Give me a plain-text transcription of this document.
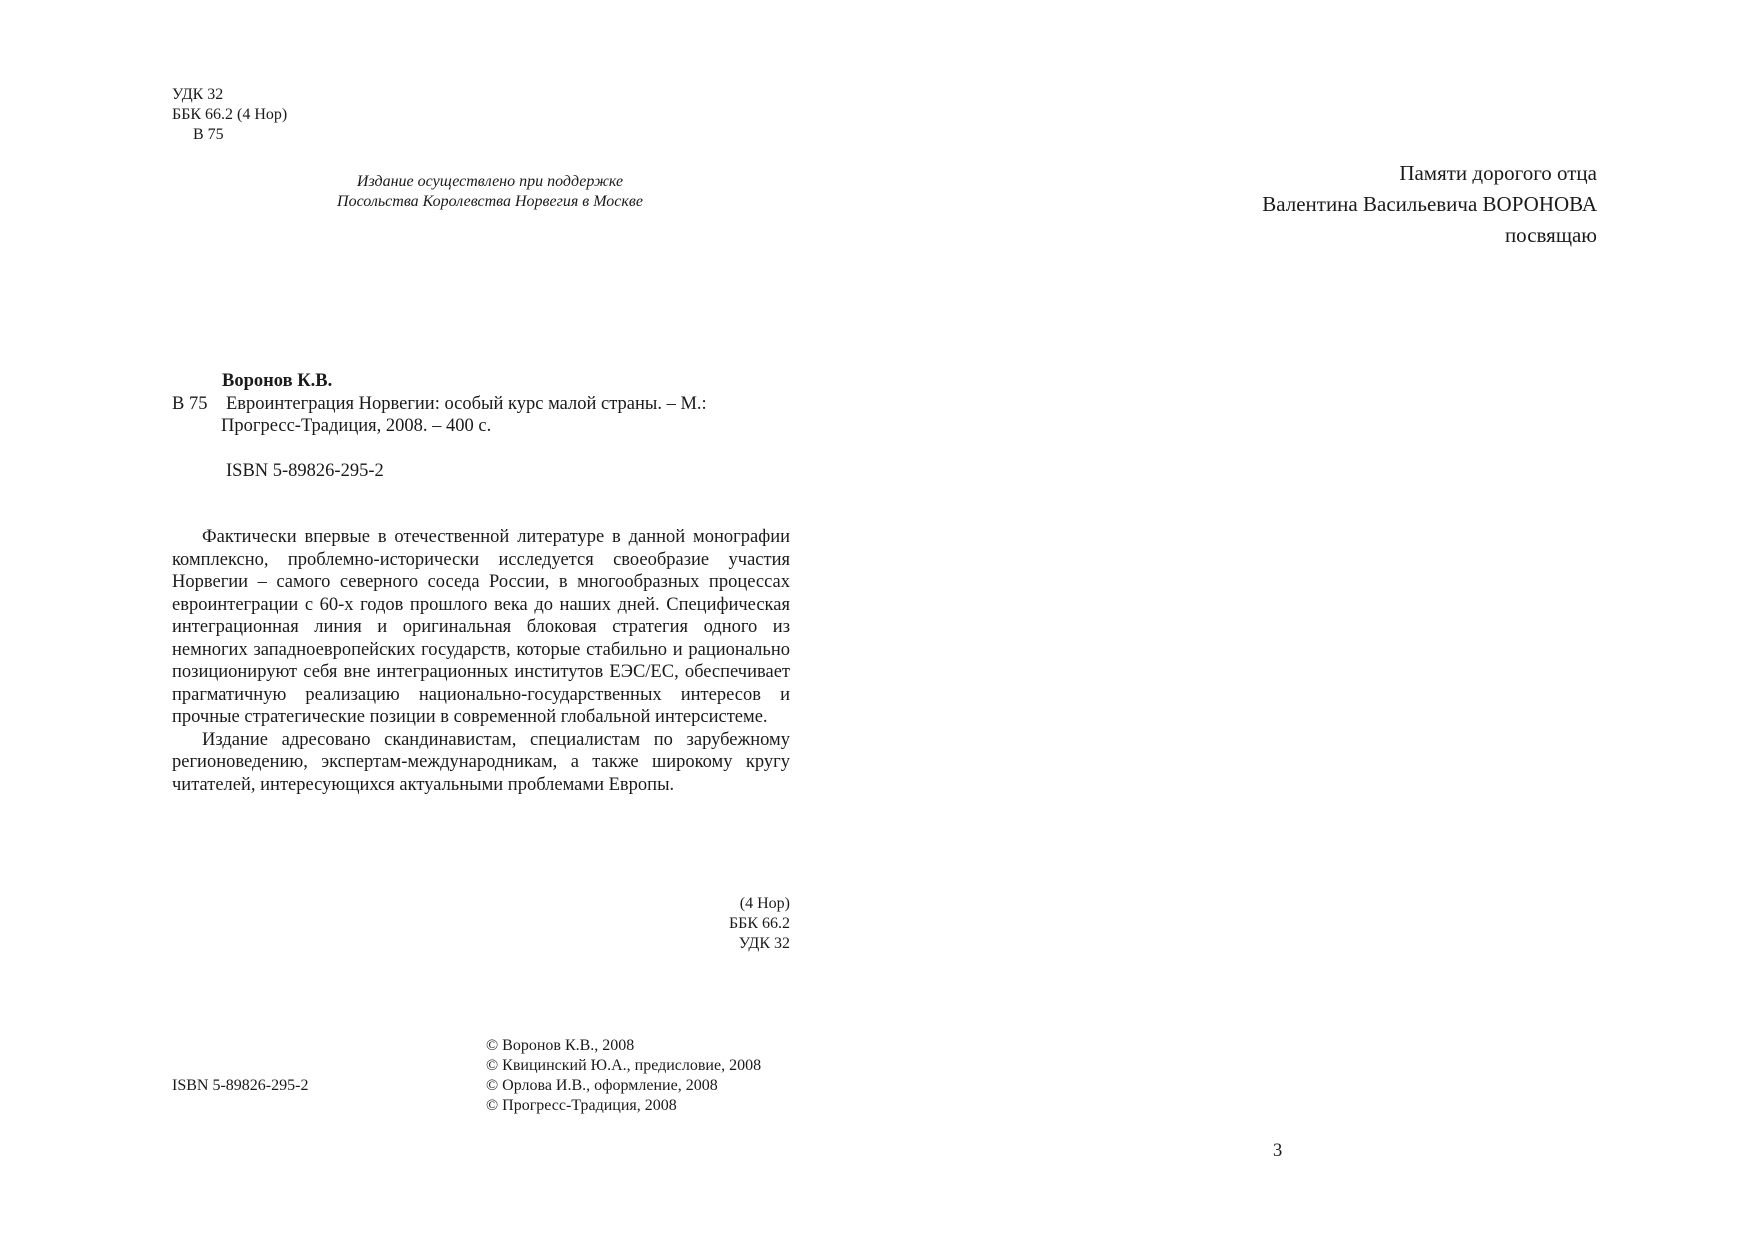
УДК 32
ББК 66.2 (4 Нор)
В 75
Издание осуществлено при поддержке
Посольства Королевства Норвегия в Москве
Воронов К.В.
В 75 Евроинтеграция Норвегии: особый курс малой страны. – М.:
Прогресс-Традиция, 2008. – 400 с.
ISBN 5-89826-295-2

Фактически впервые в отечественной литературе в данной монографии комплексно, проблемно-исторически исследуется своеобразие участия Норвегии – самого северного соседа России, в многообразных процессах евроинтеграции с 60-х годов прошлого века до наших дней. Специфическая интеграционная линия и оригинальная блоковая стратегия одного из немногих западноевропейских государств, которые стабильно и рационально позиционируют себя вне интеграционных институтов ЕЭС/ЕС, обеспечивает прагматичную реализацию национально-государственных интересов и прочные стратегические позиции в современной глобальной интерсистеме.

Издание адресовано скандинавистам, специалистам по зарубежному регионоведению, экспертам-международникам, а также широкому кругу читателей, интересующихся актуальными проблемами Европы.

(4 Нор)
ББК 66.2
УДК 32
ISBN 5-89826-295-2
© Воронов К.В., 2008
© Квицинский Ю.А., предисловие, 2008
© Орлова И.В., оформление, 2008
© Прогресс-Традиция, 2008
Памяти дорогого отца
Валентина Васильевича ВОРОНОВА
посвящаю
3
